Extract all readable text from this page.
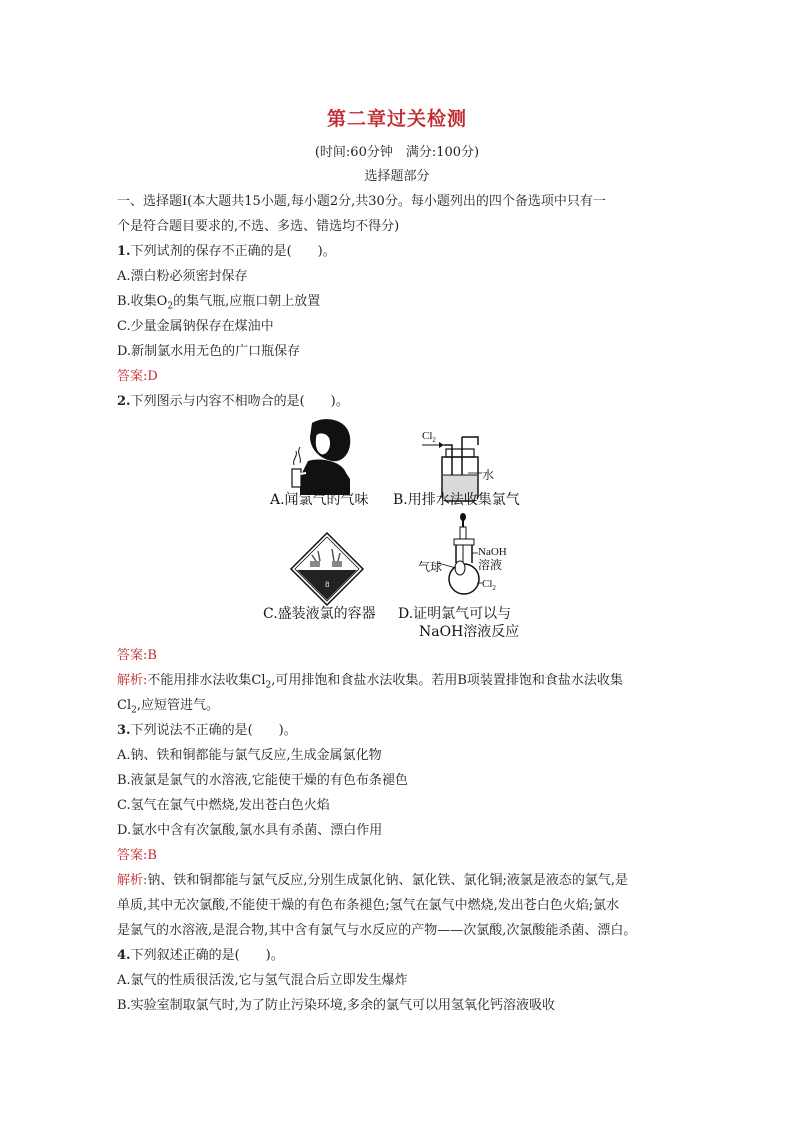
第二章过关检测
(时间:60分钟　满分:100分)
选择题部分
一、选择题Ⅰ(本大题共15小题,每小题2分,共30分。每小题列出的四个备选项中只有一
个是符合题目要求的,不选、多选、错选均不得分)
1.下列试剂的保存不正确的是(　　)。
A.漂白粉必须密封保存
B.收集$O_2$的集气瓶,应瓶口朝上放置
C.少量金属钠保存在煤油中
D.新制氯水用无色的广口瓶保存
答案:D
2.下列图示与内容不相吻合的是(　　)。
$Cl_2$
水
8
NaOH
溶液
气球
$Cl_2$
A.闻氯气的气味 B.用排水法收集氯气
C.盛装液氯的容器 D.证明氯气可以与
NaOH溶液反应
答案:B
解析:不能用排水法收集$Cl_2$,可用排饱和食盐水法收集。若用B项装置排饱和食盐水法收集
$Cl_2$,应短管进气。
3.下列说法不正确的是(　　)。
A.钠、铁和铜都能与氯气反应,生成金属氯化物
B.液氯是氯气的水溶液,它能使干燥的有色布条褪色
C.氢气在氯气中燃烧,发出苍白色火焰
D.氯水中含有次氯酸,氯水具有杀菌、漂白作用
答案:B
解析:钠、铁和铜都能与氯气反应,分别生成氯化钠、氯化铁、氯化铜;液氯是液态的氯气,是
单质,其中无次氯酸,不能使干燥的有色布条褪色;氢气在氯气中燃烧,发出苍白色火焰;氯水
是氯气的水溶液,是混合物,其中含有氯气与水反应的产物——次氯酸,次氯酸能杀菌、漂白。
4.下列叙述正确的是(　　)。
A.氯气的性质很活泼,它与氢气混合后立即发生爆炸
B.实验室制取氯气时,为了防止污染环境,多余的氯气可以用氢氧化钙溶液吸收
